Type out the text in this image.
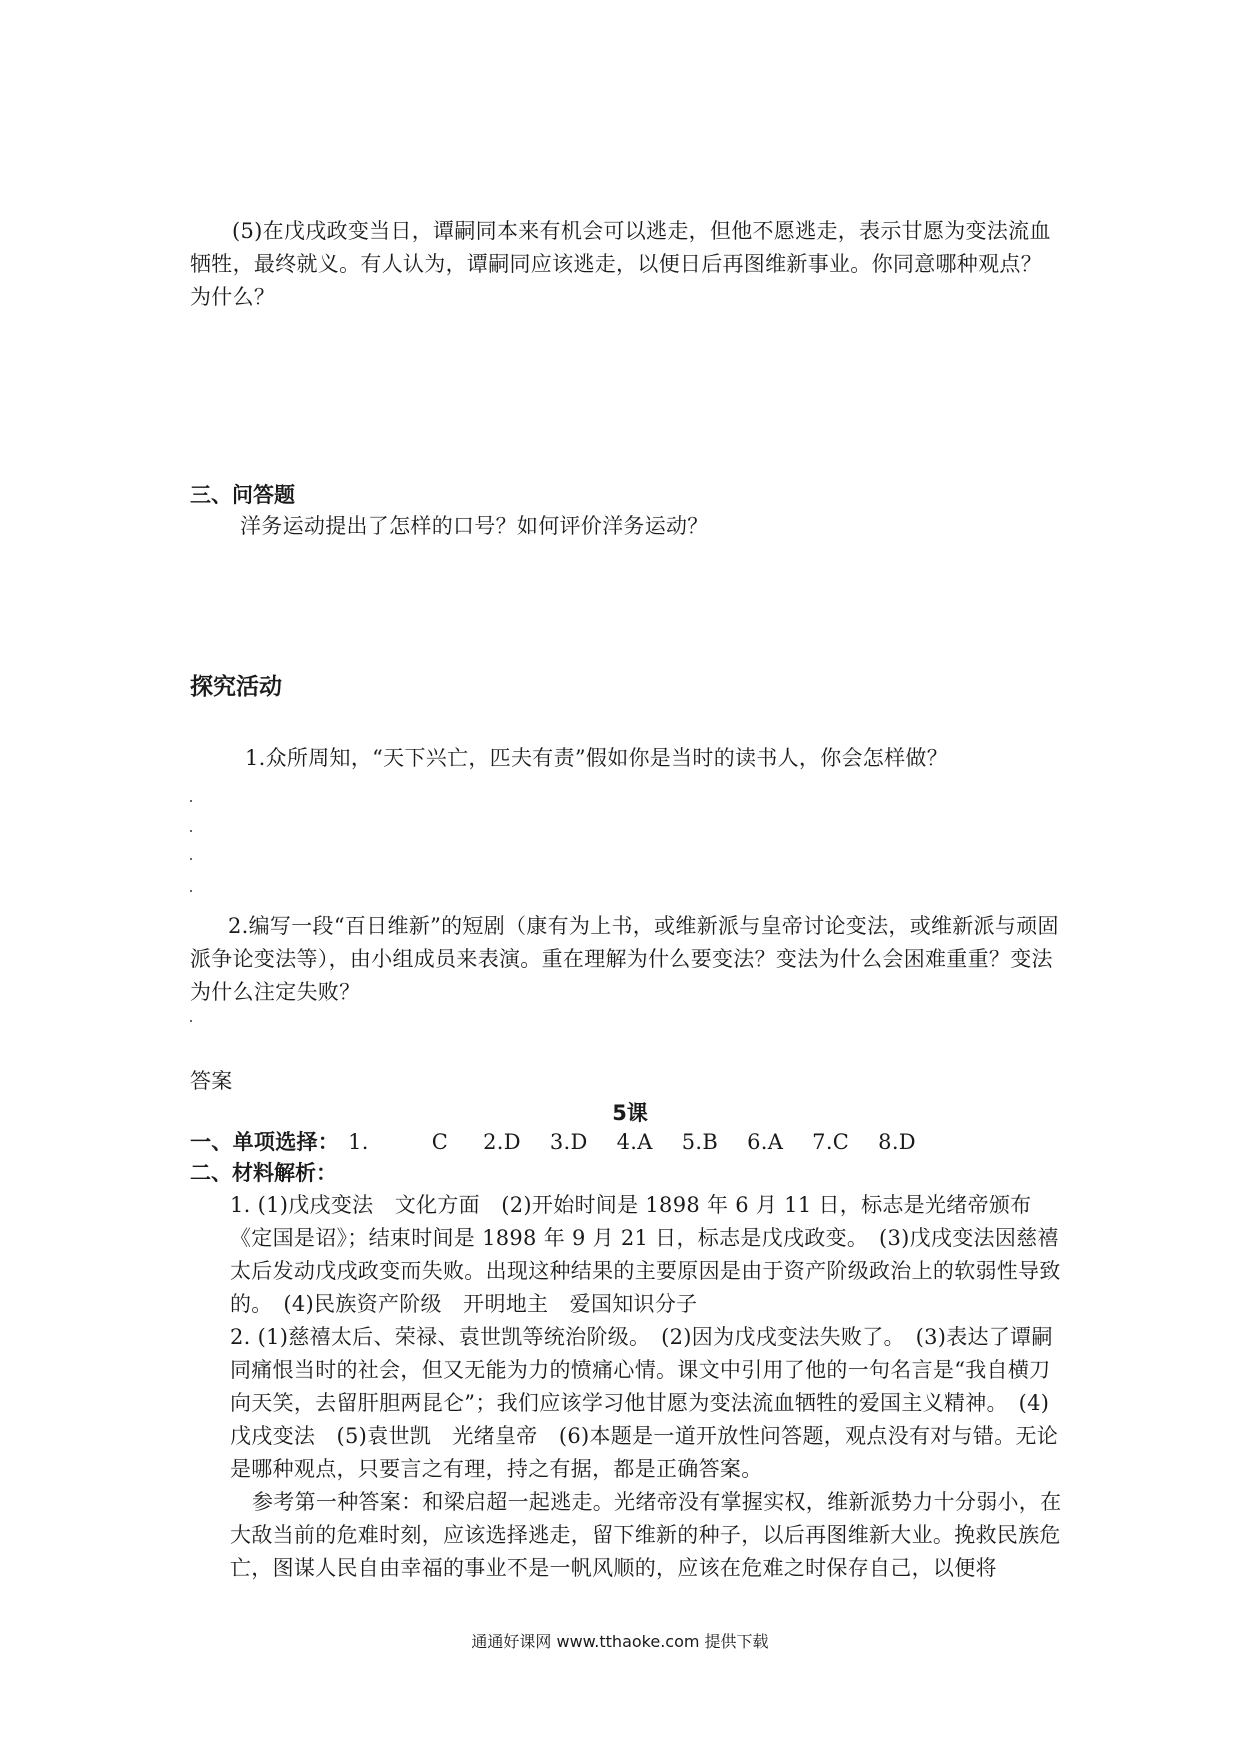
(5)在戊戌政变当日，谭嗣同本来有机会可以逃走，但他不愿逃走，表示甘愿为变法流血牺牲，最终就义。有人认为，谭嗣同应该逃走，以便日后再图维新事业。你同意哪种观点？为什么？

三、问答题

洋务运动提出了怎样的口号？如何评价洋务运动？

探究活动

1.众所周知，“天下兴亡，匹夫有责”假如你是当时的读书人，你会怎样做？

2.编写一段“百日维新”的短剧（康有为上书，或维新派与皇帝讨论变法，或维新派与顽固派争论变法等），由小组成员来表演。重在理解为什么要变法？变法为什么会困难重重？变法为什么注定失败？

答案
5课
一、单项选择： 1.	C 2.D 3.D 4.A 5.B 6.A 7.C 8.D
二、材料解析：

1. (1)戊戌变法　文化方面　(2)开始时间是 1898 年 6 月 11 日，标志是光绪帝颁布《定国是诏》；结束时间是 1898 年 9 月 21 日，标志是戊戌政变。　(3)戊戌变法因慈禧太后发动戊戌政变而失败。出现这种结果的主要原因是由于资产阶级政治上的软弱性导致的。　(4)民族资产阶级　开明地主　爱国知识分子

2. (1)慈禧太后、荣禄、袁世凯等统治阶级。　(2)因为戊戌变法失败了。　(3)表达了谭嗣同痛恨当时的社会，但又无能为力的愤痛心情。课文中引用了他的一句名言是“我自横刀向天笑，去留肝胆两昆仑”；我们应该学习他甘愿为变法流血牺牲的爱国主义精神。　(4)戊戌变法　(5)袁世凯　光绪皇帝　(6)本题是一道开放性问答题，观点没有对与错。无论是哪种观点，只要言之有理，持之有据，都是正确答案。

参考第一种答案：和梁启超一起逃走。光绪帝没有掌握实权，维新派势力十分弱小，在大敌当前的危难时刻，应该选择逃走，留下维新的种子，以后再图维新大业。挽救民族危亡，图谋人民自由幸福的事业不是一帆风顺的，应该在危难之时保存自己，以便将

通通好课网 www.tthaoke.com 提供下载
